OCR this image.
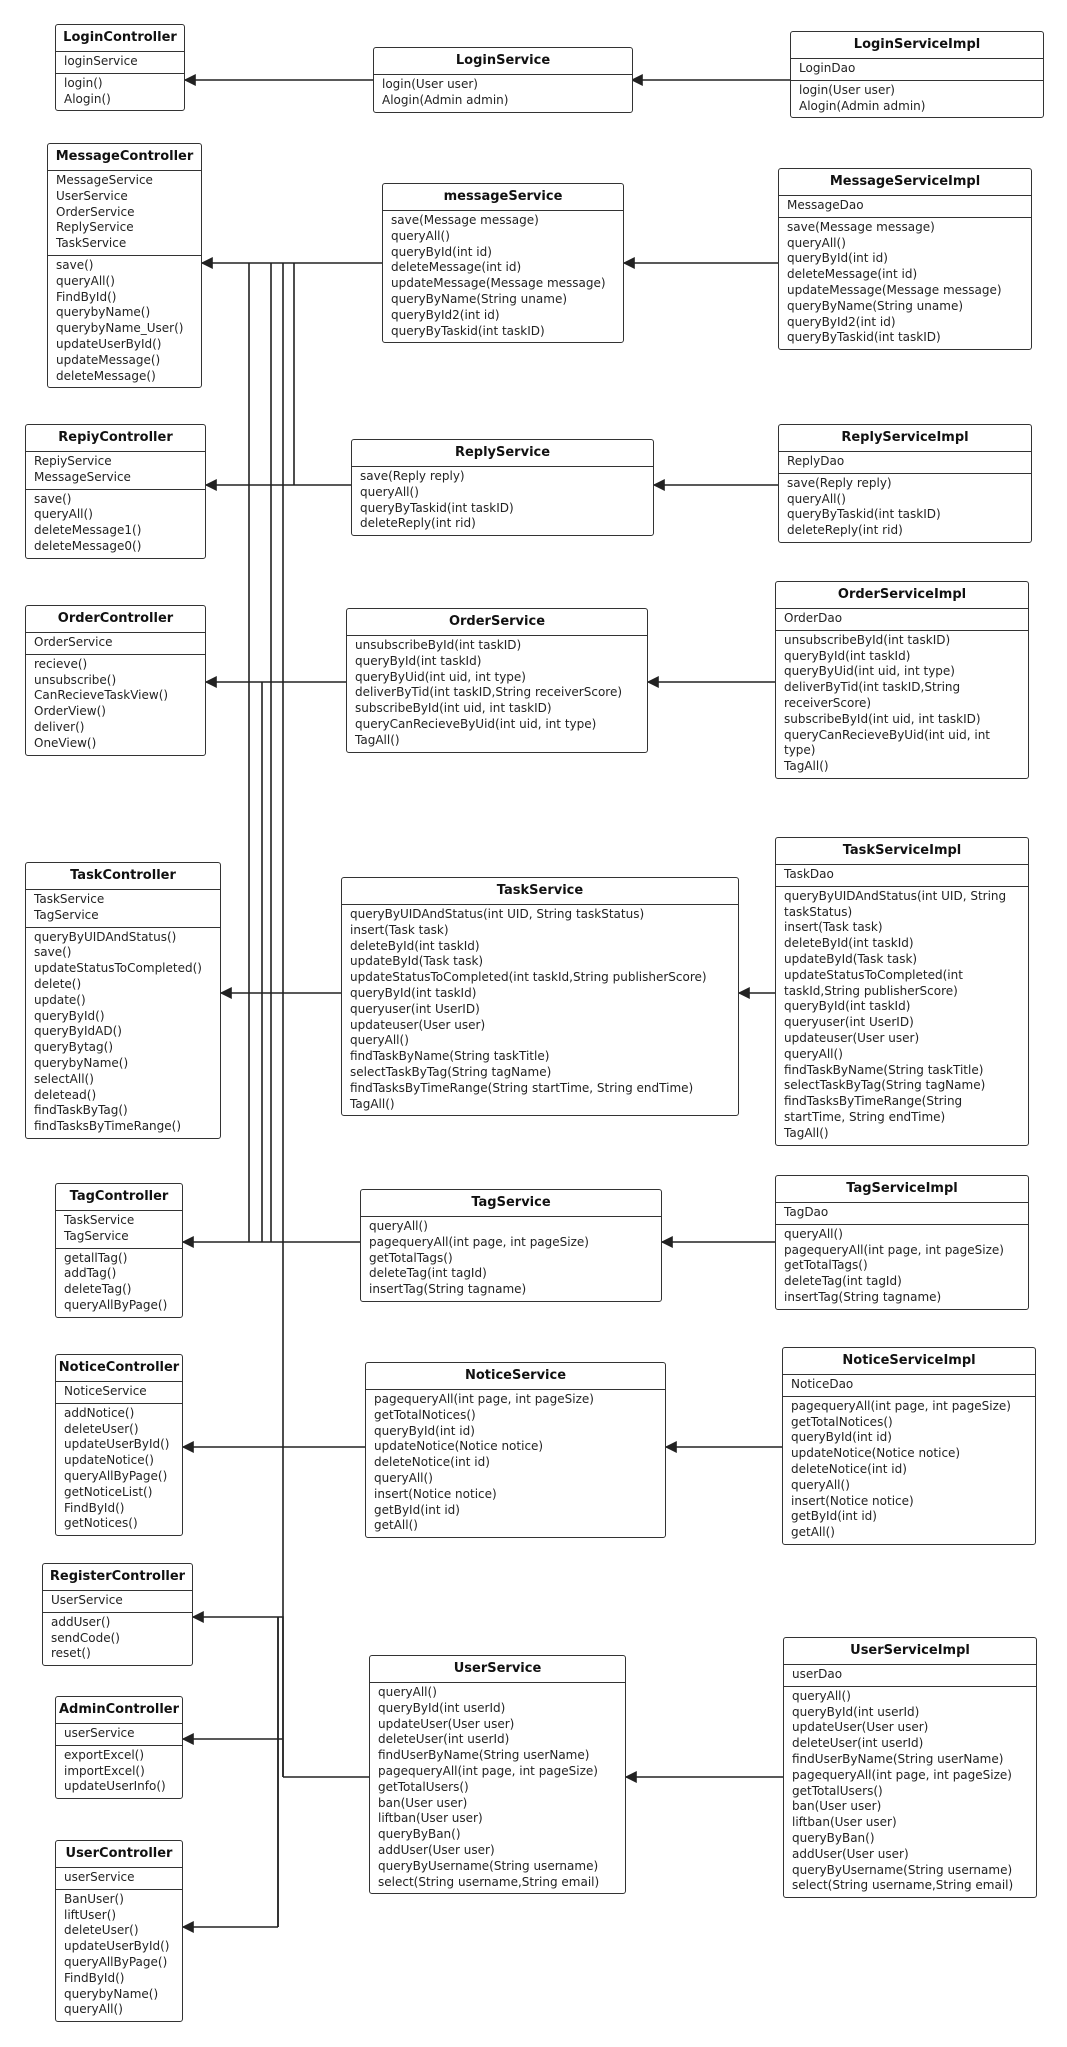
LoginController
loginService
login()
Alogin()
LoginService
login(User user)
Alogin(Admin admin)
LoginServiceImpl
LoginDao
login(User user)
Alogin(Admin admin)
MessageController
MessageService
UserService
OrderService
ReplyService
TaskService
save()
queryAll()
FindById()
querybyName()
querybyName_User()
updateUserById()
updateMessage()
deleteMessage()
messageService
save(Message message)
queryAll()
queryById(int id)
deleteMessage(int id)
updateMessage(Message message)
queryByName(String uname)
queryById2(int id)
queryByTaskid(int taskID)
MessageServiceImpl
MessageDao
save(Message message)
queryAll()
queryById(int id)
deleteMessage(int id)
updateMessage(Message message)
queryByName(String uname)
queryById2(int id)
queryByTaskid(int taskID)
RepiyController
RepiyService
MessageService
save()
queryAll()
deleteMessage1()
deleteMessage0()
ReplyService
save(Reply reply)
queryAll()
queryByTaskid(int taskID)
deleteReply(int rid)
ReplyServiceImpl
ReplyDao
save(Reply reply)
queryAll()
queryByTaskid(int taskID)
deleteReply(int rid)
OrderController
OrderService
recieve()
unsubscribe()
CanRecieveTaskView()
OrderView()
deliver()
OneView()
OrderService
unsubscribeById(int taskID)
queryById(int taskId)
queryByUid(int uid, int type)
deliverByTid(int taskID,String receiverScore)
subscribeById(int uid, int taskID)
queryCanRecieveByUid(int uid, int type)
TagAll()
OrderServiceImpl
OrderDao
unsubscribeById(int taskID)
queryById(int taskId)
queryByUid(int uid, int type)
deliverByTid(int taskID,String
receiverScore)
subscribeById(int uid, int taskID)
queryCanRecieveByUid(int uid, int
type)
TagAll()
TaskController
TaskService
TagService
queryByUIDAndStatus()
save()
updateStatusToCompleted()
delete()
update()
queryById()
queryByIdAD()
queryBytag()
querybyName()
selectAll()
deletead()
findTaskByTag()
findTasksByTimeRange()
TaskService
queryByUIDAndStatus(int UID, String taskStatus)
insert(Task task)
deleteById(int taskId)
updateById(Task task)
updateStatusToCompleted(int taskId,String publisherScore)
queryById(int taskId)
queryuser(int UserID)
updateuser(User user)
queryAll()
findTaskByName(String taskTitle)
selectTaskByTag(String tagName)
findTasksByTimeRange(String startTime, String endTime)
TagAll()
TaskServiceImpl
TaskDao
queryByUIDAndStatus(int UID, String
taskStatus)
insert(Task task)
deleteById(int taskId)
updateById(Task task)
updateStatusToCompleted(int
taskId,String publisherScore)
queryById(int taskId)
queryuser(int UserID)
updateuser(User user)
queryAll()
findTaskByName(String taskTitle)
selectTaskByTag(String tagName)
findTasksByTimeRange(String
startTime, String endTime)
TagAll()
TagController
TaskService
TagService
getallTag()
addTag()
deleteTag()
queryAllByPage()
TagService
queryAll()
pagequeryAll(int page, int pageSize)
getTotalTags()
deleteTag(int tagId)
insertTag(String tagname)
TagServiceImpl
TagDao
queryAll()
pagequeryAll(int page, int pageSize)
getTotalTags()
deleteTag(int tagId)
insertTag(String tagname)
NoticeController
NoticeService
addNotice()
deleteUser()
updateUserById()
updateNotice()
queryAllByPage()
getNoticeList()
FindById()
getNotices()
NoticeService
pagequeryAll(int page, int pageSize)
getTotalNotices()
queryById(int id)
updateNotice(Notice notice)
deleteNotice(int id)
queryAll()
insert(Notice notice)
getById(int id)
getAll()
NoticeServiceImpl
NoticeDao
pagequeryAll(int page, int pageSize)
getTotalNotices()
queryById(int id)
updateNotice(Notice notice)
deleteNotice(int id)
queryAll()
insert(Notice notice)
getById(int id)
getAll()
RegisterController
UserService
addUser()
sendCode()
reset()
AdminController
userService
exportExcel()
importExcel()
updateUserInfo()
UserController
userService
BanUser()
liftUser()
deleteUser()
updateUserById()
queryAllByPage()
FindById()
querybyName()
queryAll()
UserService
queryAll()
queryById(int userId)
updateUser(User user)
deleteUser(int userId)
findUserByName(String userName)
pagequeryAll(int page, int pageSize)
getTotalUsers()
ban(User user)
liftban(User user)
queryByBan()
addUser(User user)
queryByUsername(String username)
select(String username,String email)
UserServiceImpl
userDao
queryAll()
queryById(int userId)
updateUser(User user)
deleteUser(int userId)
findUserByName(String userName)
pagequeryAll(int page, int pageSize)
getTotalUsers()
ban(User user)
liftban(User user)
queryByBan()
addUser(User user)
queryByUsername(String username)
select(String username,String email)
